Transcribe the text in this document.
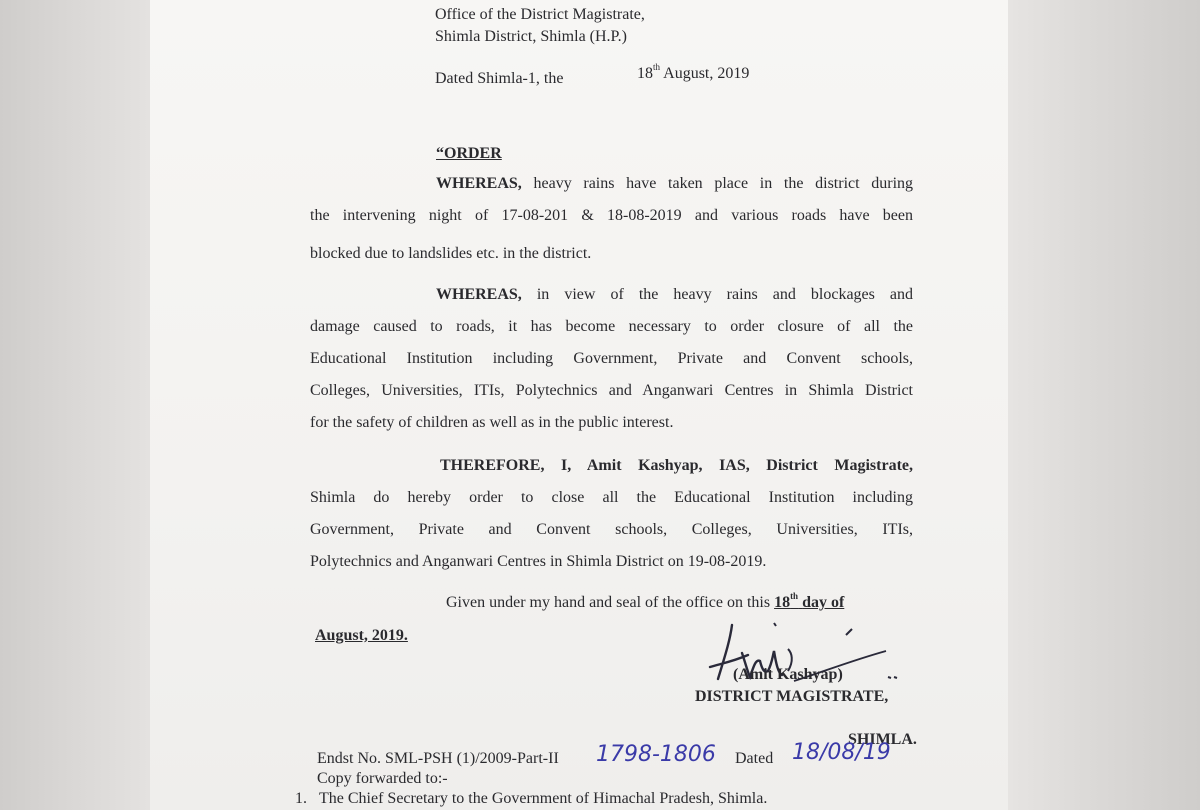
Office of the District Magistrate,
Shimla District, Shimla (H.P.)
Dated Shimla-1, the	18th August, 2019
“ORDER
WHEREAS, heavy rains have taken place in the district during
the intervening night of 17-08-201 & 18-08-2019 and various roads have been
blocked due to landslides etc. in the district.
WHEREAS, in view of the heavy rains and blockages and
damage caused to roads, it has become necessary to order closure of all the
Educational Institution including Government, Private and Convent schools,
Colleges, Universities, ITIs, Polytechnics and Anganwari Centres in Shimla District
for the safety of children as well as in the public interest.
THEREFORE, I, Amit Kashyap, IAS, District Magistrate,
Shimla do hereby order to close all the Educational Institution including
Government, Private and Convent schools, Colleges, Universities, ITIs,
Polytechnics and Anganwari Centres in Shimla District on 19-08-2019.
Given under my hand and seal of the office on this 18th day of
August, 2019.
(Amit Kashyap)
DISTRICT MAGISTRATE,
SHIMLA.
Endst No. SML-PSH (1)/2009-Part-II 1798-1806 Dated 18/08/19
Copy forwarded to:-
1. The Chief Secretary to the Government of Himachal Pradesh, Shimla.
